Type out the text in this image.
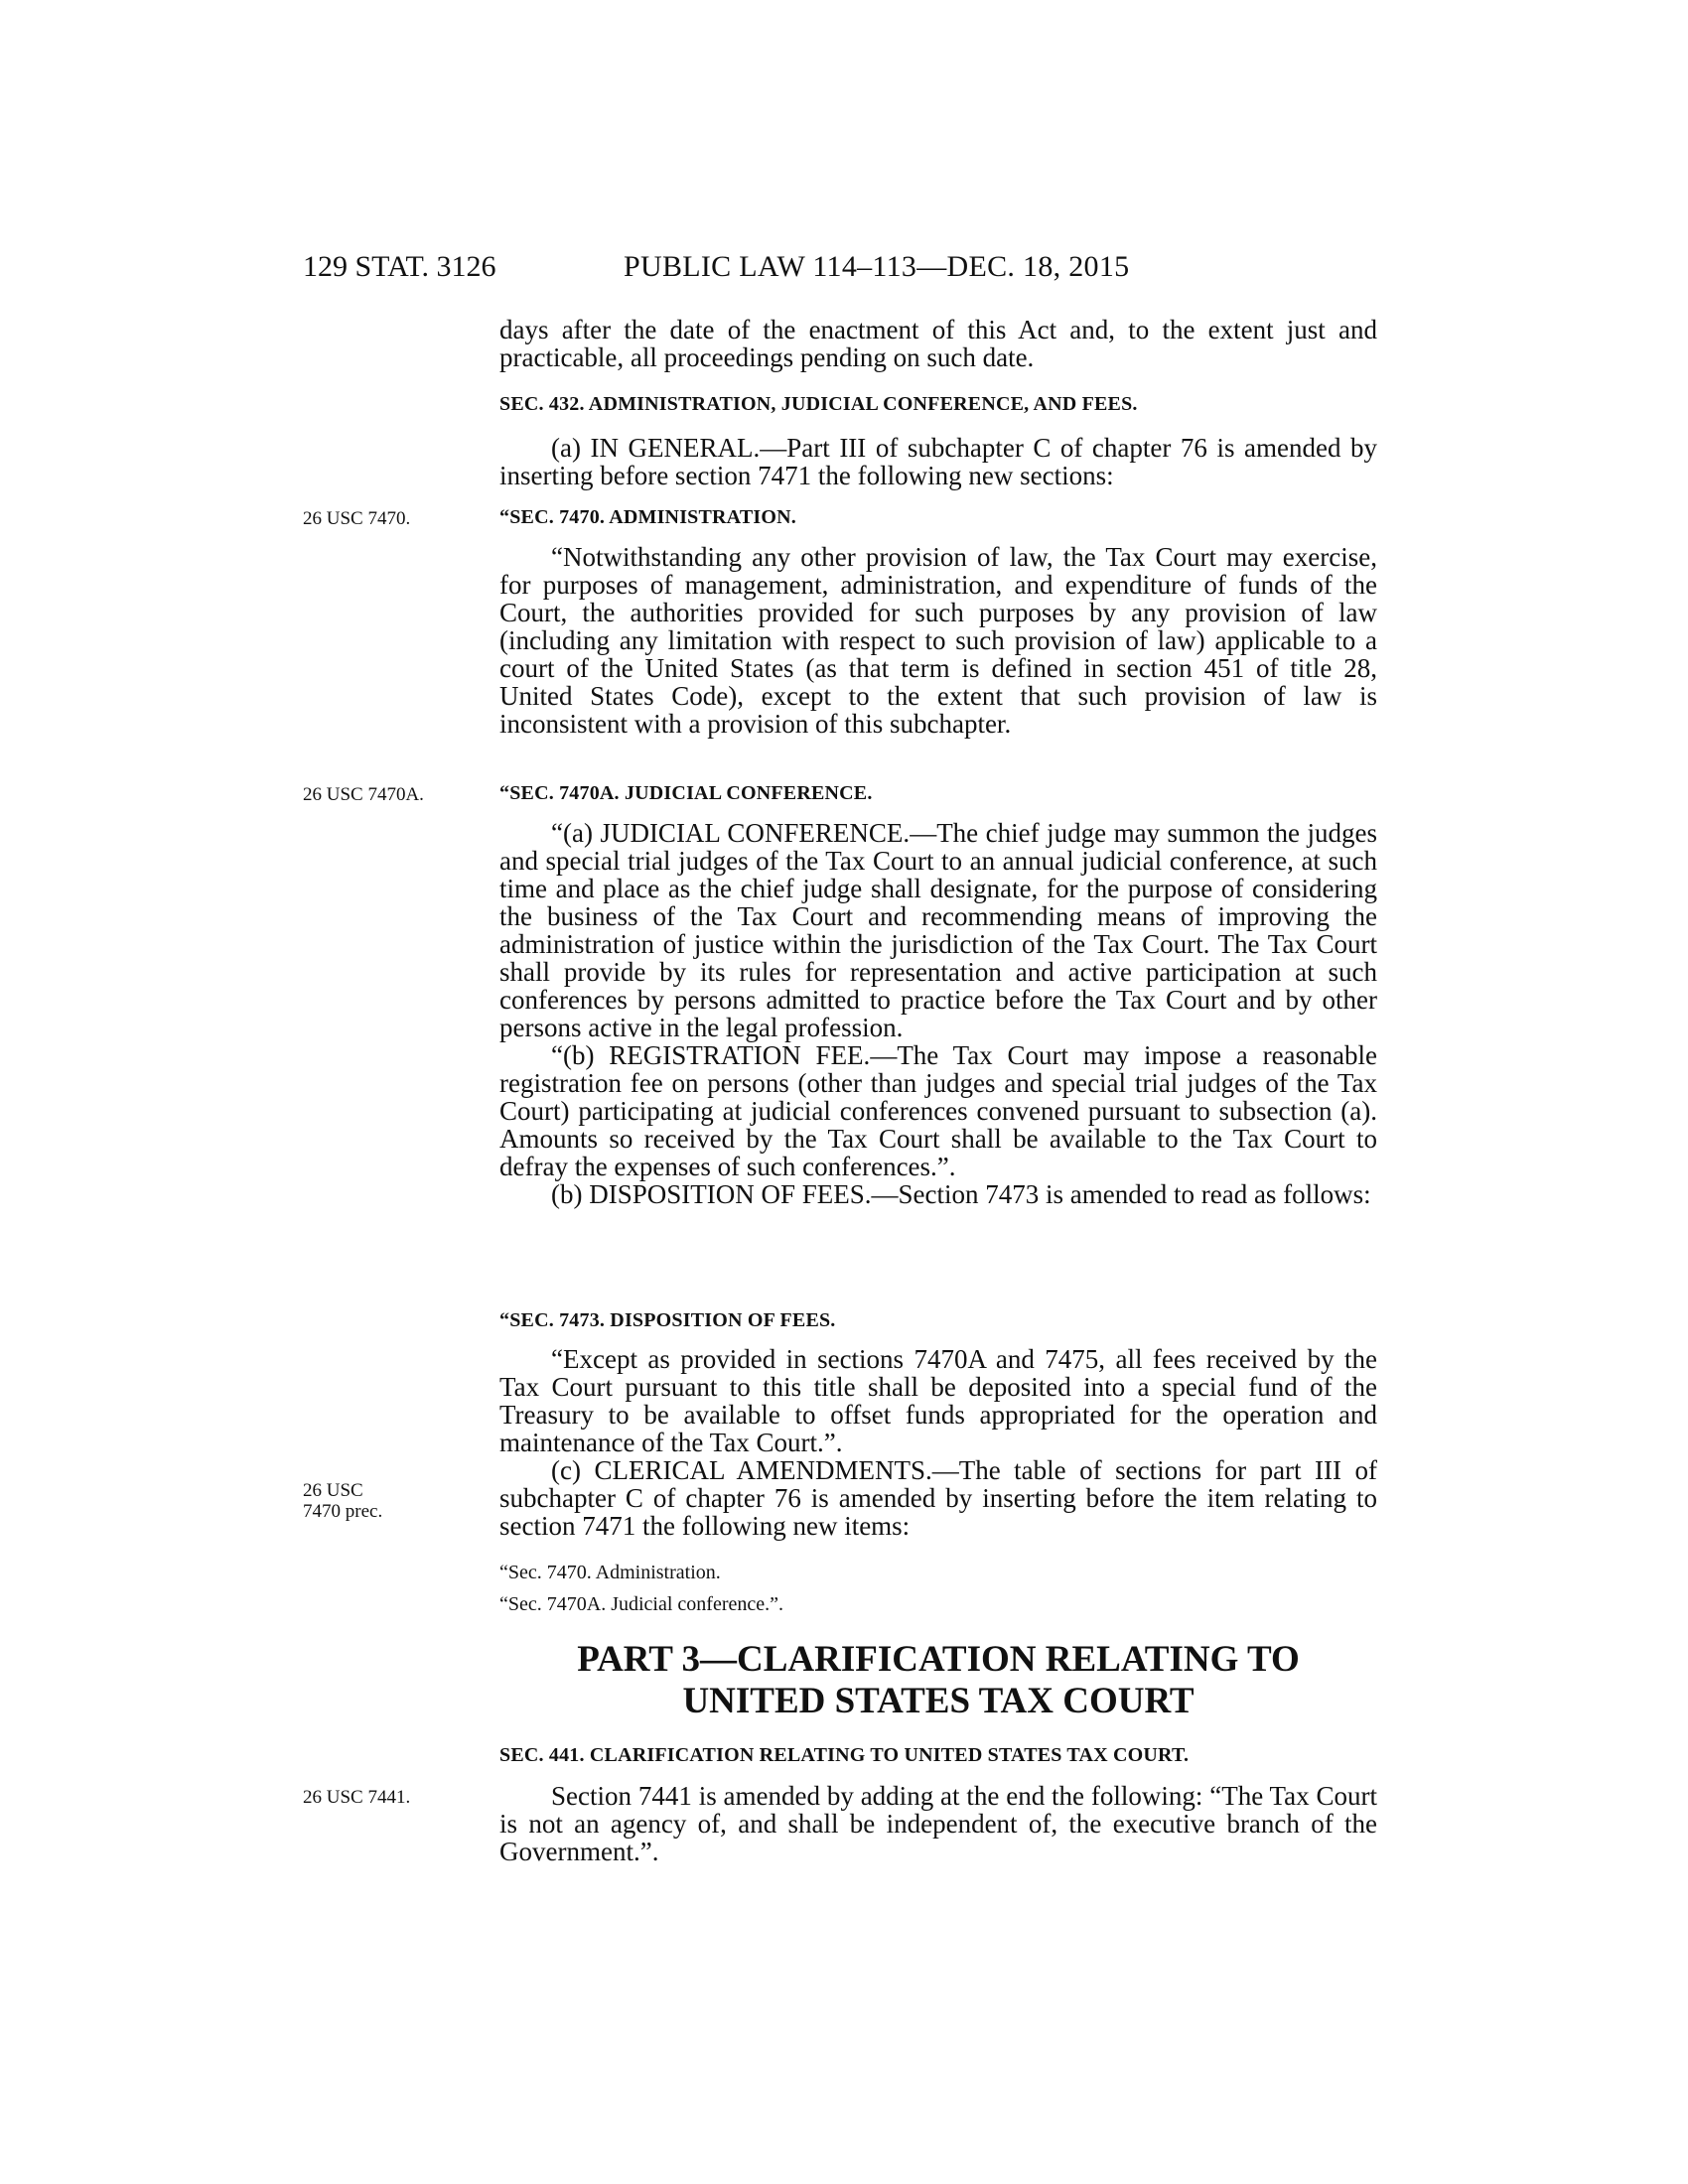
129 STAT. 3126	PUBLIC LAW 114–113—DEC. 18, 2015

days after the date of the enactment of this Act and, to the extent just and practicable, all proceedings pending on such date.

SEC. 432. ADMINISTRATION, JUDICIAL CONFERENCE, AND FEES.

(a) IN GENERAL.—Part III of subchapter C of chapter 76 is amended by inserting before section 7471 the following new sections:

26 USC 7470.	“SEC. 7470. ADMINISTRATION.

“Notwithstanding any other provision of law, the Tax Court may exercise, for purposes of management, administration, and expenditure of funds of the Court, the authorities provided for such purposes by any provision of law (including any limitation with respect to such provision of law) applicable to a court of the United States (as that term is defined in section 451 of title 28, United States Code), except to the extent that such provision of law is inconsistent with a provision of this subchapter.

26 USC 7470A.	“SEC. 7470A. JUDICIAL CONFERENCE.

“(a) JUDICIAL CONFERENCE.—The chief judge may summon the judges and special trial judges of the Tax Court to an annual judicial conference, at such time and place as the chief judge shall designate, for the purpose of considering the business of the Tax Court and recommending means of improving the administration of justice within the jurisdiction of the Tax Court. The Tax Court shall provide by its rules for representation and active participation at such conferences by persons admitted to practice before the Tax Court and by other persons active in the legal profession.

“(b) REGISTRATION FEE.—The Tax Court may impose a reasonable registration fee on persons (other than judges and special trial judges of the Tax Court) participating at judicial conferences convened pursuant to subsection (a). Amounts so received by the Tax Court shall be available to the Tax Court to defray the expenses of such conferences.”.

(b) DISPOSITION OF FEES.—Section 7473 is amended to read as follows:

“SEC. 7473. DISPOSITION OF FEES.

“Except as provided in sections 7470A and 7475, all fees received by the Tax Court pursuant to this title shall be deposited into a special fund of the Treasury to be available to offset funds appropriated for the operation and maintenance of the Tax Court.”.

(c) CLERICAL AMENDMENTS.—The table of sections for part III of subchapter C of chapter 76 is amended by inserting before the item relating to section 7471 the following new items:

26 USC
7470 prec.

“Sec. 7470. Administration.

“Sec. 7470A. Judicial conference.”.

PART 3—CLARIFICATION RELATING TO
UNITED STATES TAX COURT

SEC. 441. CLARIFICATION RELATING TO UNITED STATES TAX COURT.

26 USC 7441.	Section 7441 is amended by adding at the end the following: “The Tax Court is not an agency of, and shall be independent of, the executive branch of the Government.”.
